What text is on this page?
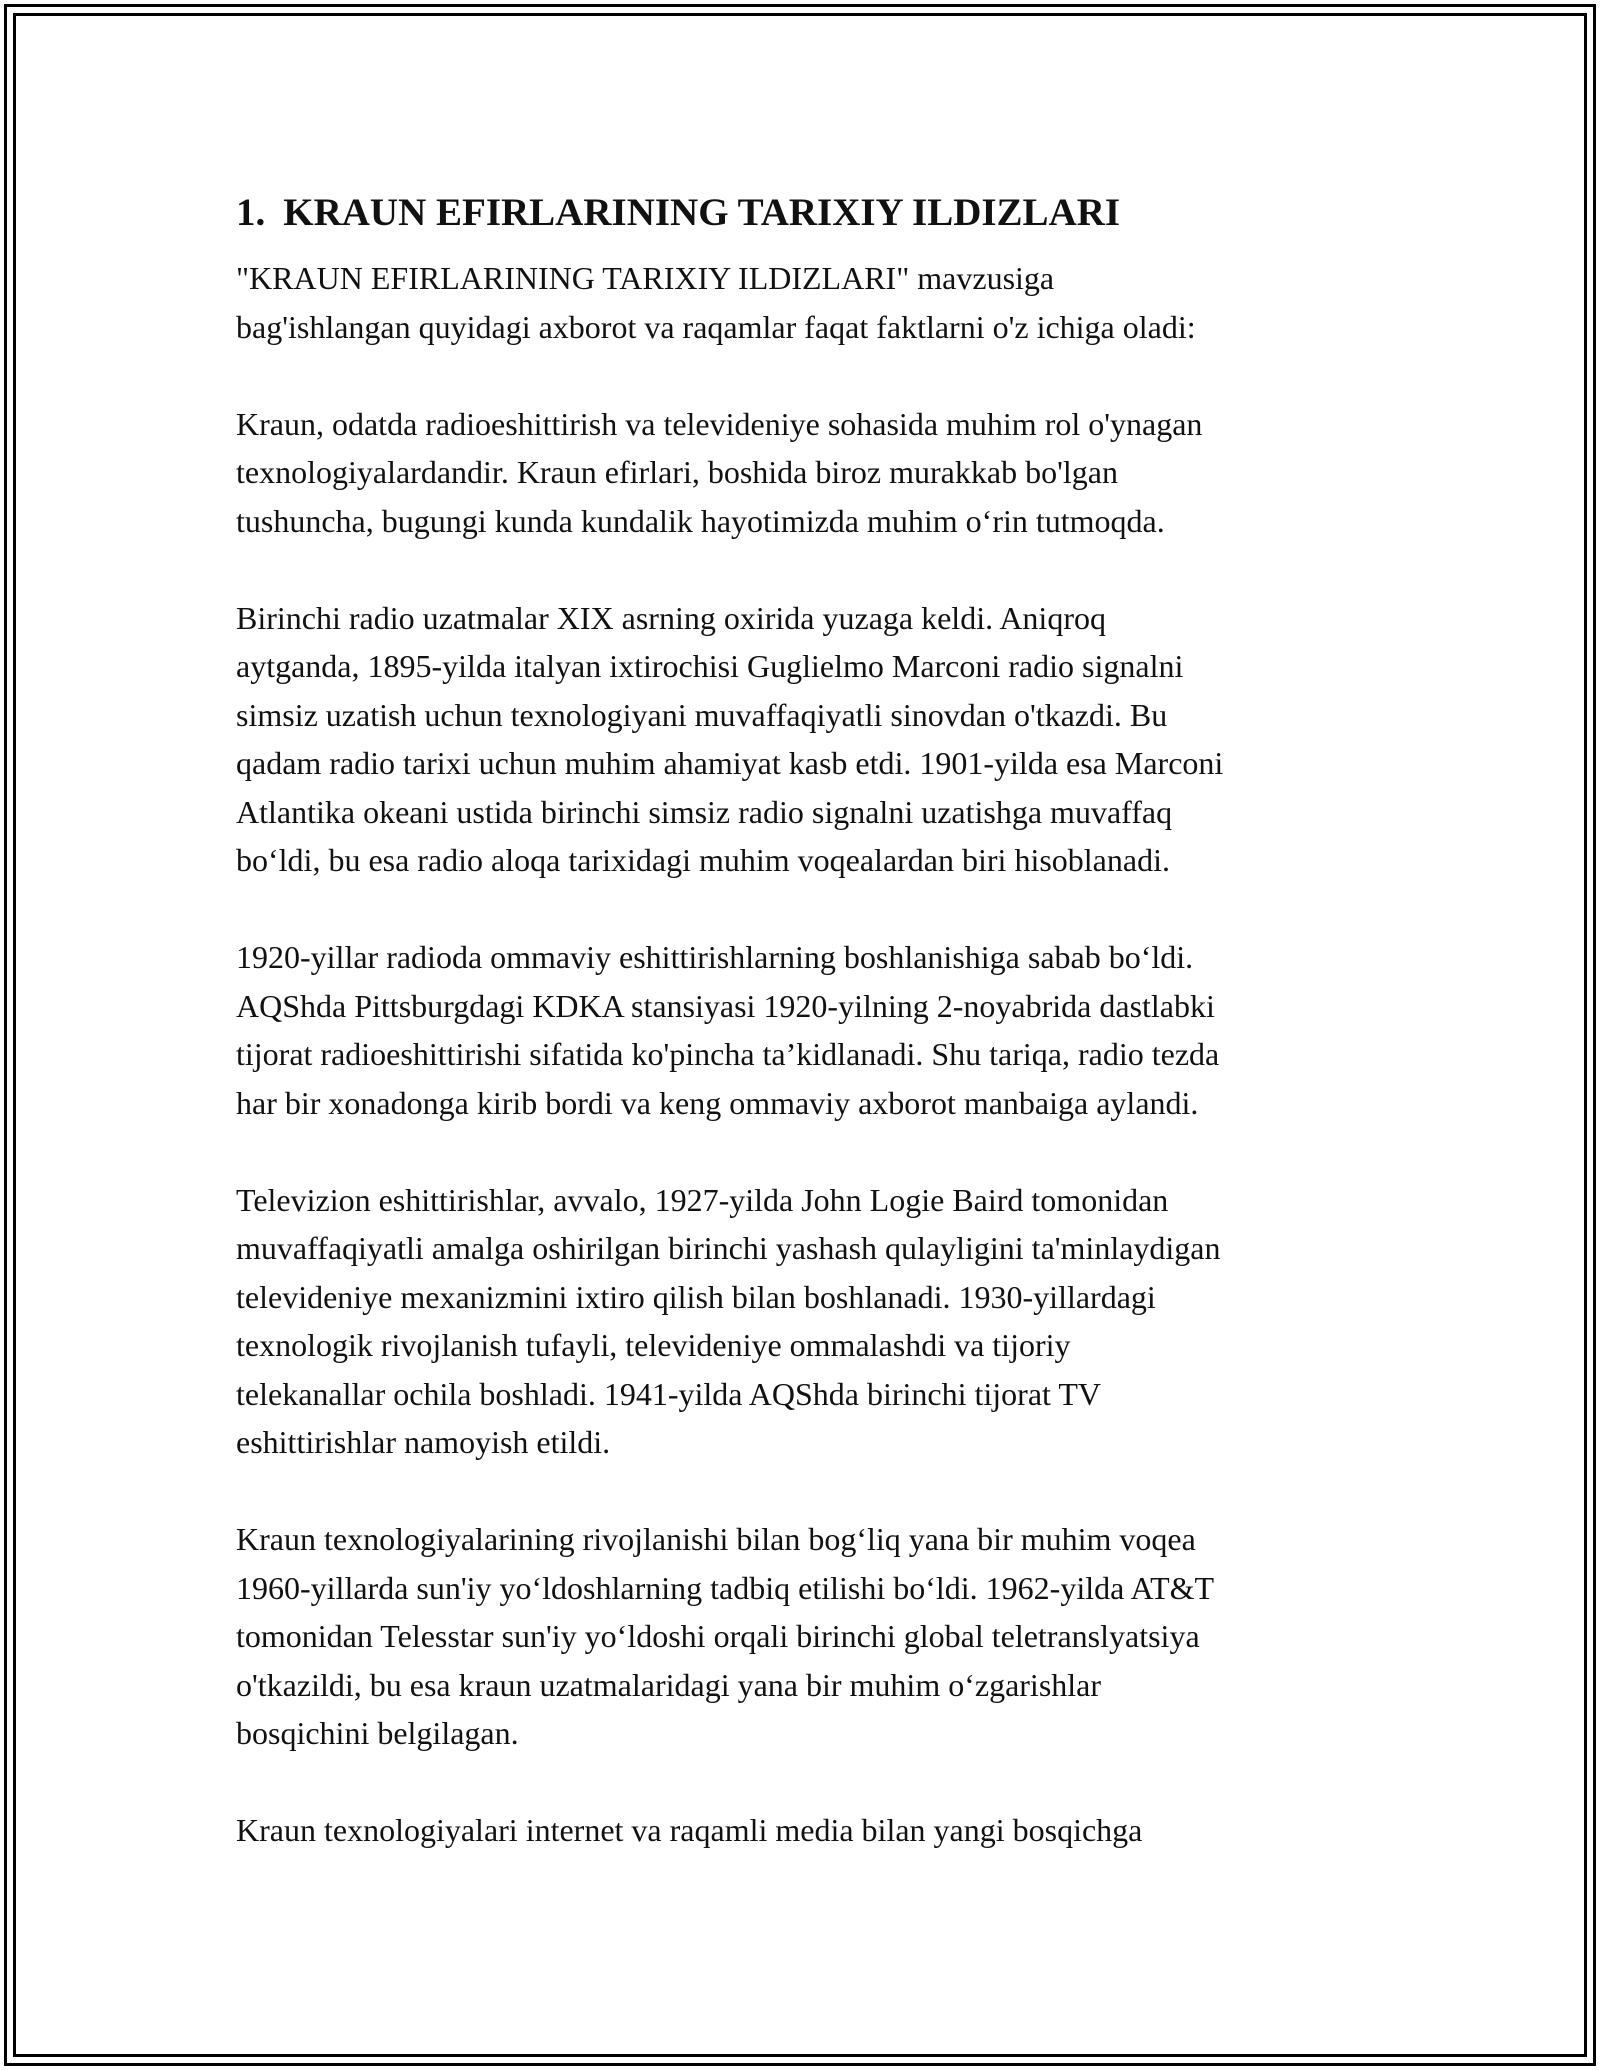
1. KRAUN EFIRLARINING TARIXIY ILDIZLARI
"KRAUN EFIRLARINING TARIXIY ILDIZLARI" mavzusiga
bag'ishlangan quyidagi axborot va raqamlar faqat faktlarni o'z ichiga oladi:
Kraun, odatda radioeshittirish va televideniye sohasida muhim rol o'ynagan
texnologiyalardandir. Kraun efirlari, boshida biroz murakkab bo'lgan
tushuncha, bugungi kunda kundalik hayotimizda muhim oʻrin tutmoqda.
Birinchi radio uzatmalar XIX asrning oxirida yuzaga keldi. Aniqroq
aytganda, 1895-yilda italyan ixtirochisi Guglielmo Marconi radio signalni
simsiz uzatish uchun texnologiyani muvaffaqiyatli sinovdan o'tkazdi. Bu
qadam radio tarixi uchun muhim ahamiyat kasb etdi. 1901-yilda esa Marconi
Atlantika okeani ustida birinchi simsiz radio signalni uzatishga muvaffaq
boʻldi, bu esa radio aloqa tarixidagi muhim voqealardan biri hisoblanadi.
1920-yillar radioda ommaviy eshittirishlarning boshlanishiga sabab boʻldi.
AQShda Pittsburgdagi KDKA stansiyasi 1920-yilning 2-noyabrida dastlabki
tijorat radioeshittirishi sifatida ko'pincha taʼkidlanadi. Shu tariqa, radio tezda
har bir xonadonga kirib bordi va keng ommaviy axborot manbaiga aylandi.
Televizion eshittirishlar, avvalo, 1927-yilda John Logie Baird tomonidan
muvaffaqiyatli amalga oshirilgan birinchi yashash qulayligini ta'minlaydigan
televideniye mexanizmini ixtiro qilish bilan boshlanadi. 1930-yillardagi
texnologik rivojlanish tufayli, televideniye ommalashdi va tijoriy
telekanallar ochila boshladi. 1941-yilda AQShda birinchi tijorat TV
eshittirishlar namoyish etildi.
Kraun texnologiyalarining rivojlanishi bilan bogʻliq yana bir muhim voqea
1960-yillarda sun'iy yoʻldoshlarning tadbiq etilishi boʻldi. 1962-yilda AT&T
tomonidan Telesstar sun'iy yoʻldoshi orqali birinchi global teletranslyatsiya
o'tkazildi, bu esa kraun uzatmalaridagi yana bir muhim oʻzgarishlar
bosqichini belgilagan.
Kraun texnologiyalari internet va raqamli media bilan yangi bosqichga
